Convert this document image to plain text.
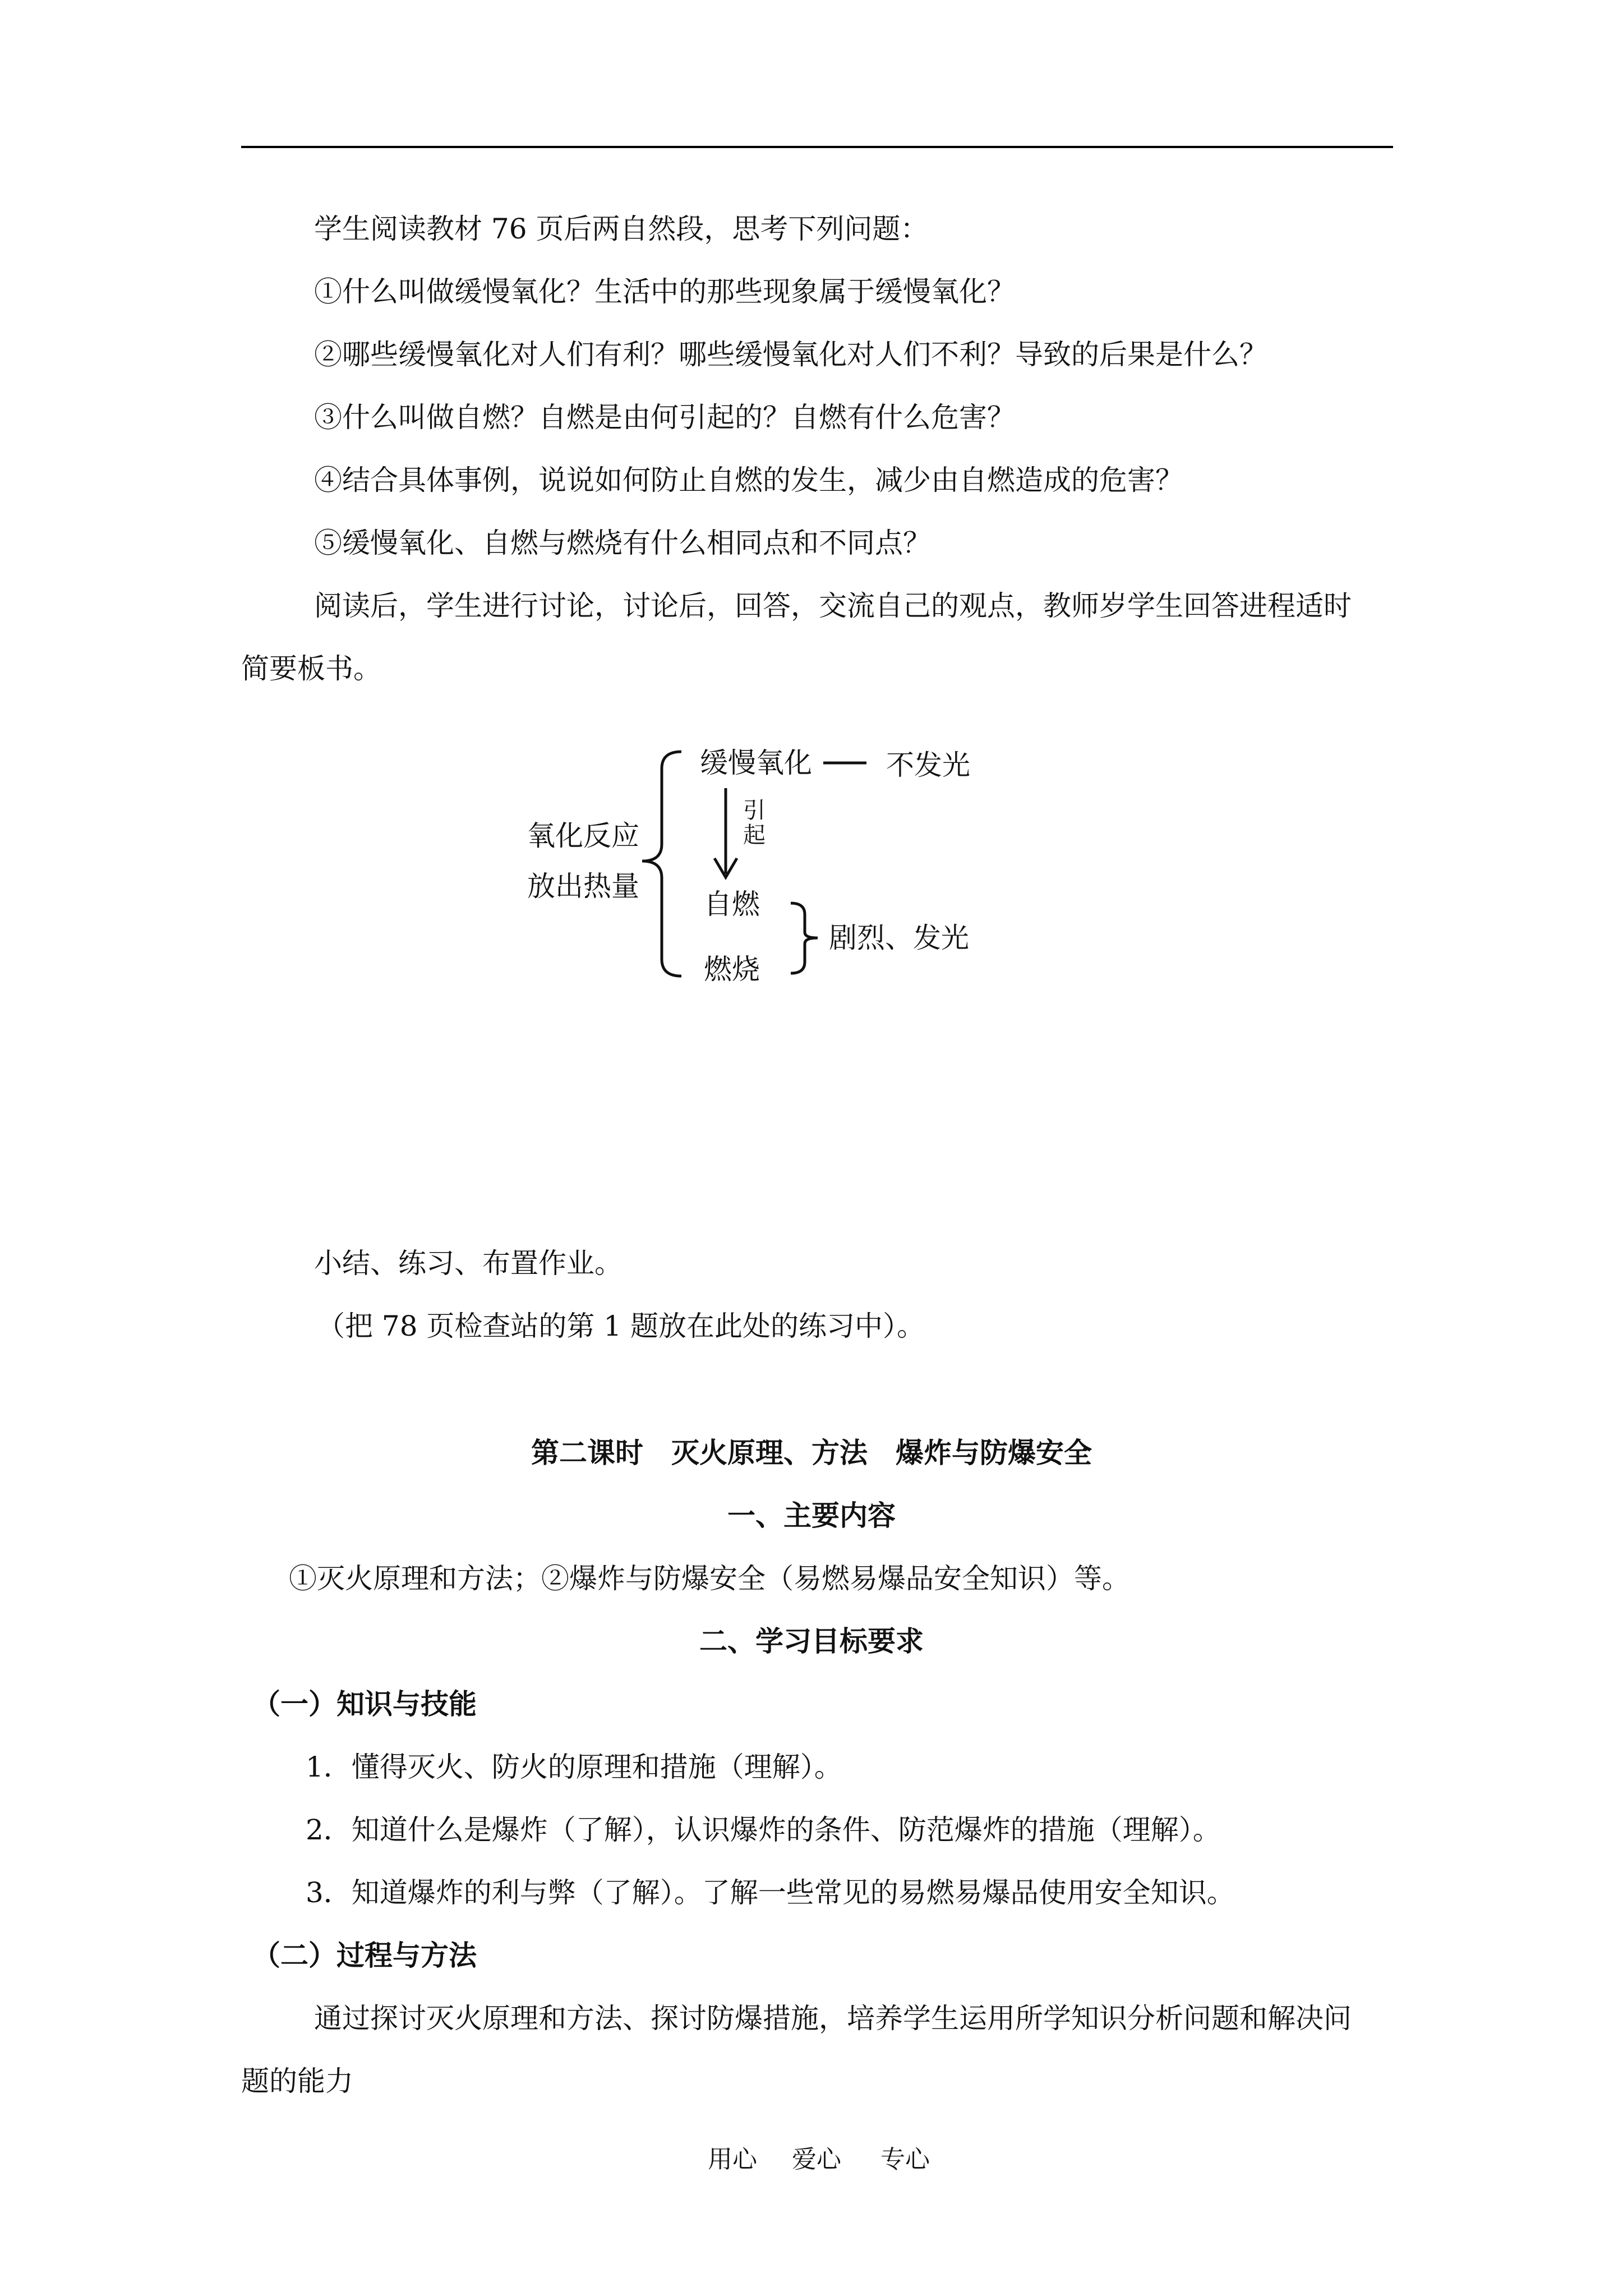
学生阅读教材 76 页后两自然段，思考下列问题：
①什么叫做缓慢氧化？生活中的那些现象属于缓慢氧化？
②哪些缓慢氧化对人们有利？哪些缓慢氧化对人们不利？导致的后果是什么？
③什么叫做自燃？自燃是由何引起的？自燃有什么危害？
④结合具体事例，说说如何防止自燃的发生，减少由自燃造成的危害？
⑤缓慢氧化、自燃与燃烧有什么相同点和不同点？
阅读后，学生进行讨论，讨论后，回答，交流自己的观点，教师岁学生回答进程适时
简要板书。
氧化反应
放出热量
缓慢氧化	不发光
引
起
自燃
燃烧
剧烈、发光
小结、练习、布置作业。
（把 78 页检查站的第 1 题放在此处的练习中）。
第二课时　灭火原理、方法　爆炸与防爆安全
一、主要内容
①灭火原理和方法；②爆炸与防爆安全（易燃易爆品安全知识）等。
二、学习目标要求
（一）知识与技能
1．懂得灭火、防火的原理和措施（理解）。
2．知道什么是爆炸（了解），认识爆炸的条件、防范爆炸的措施（理解）。
3．知道爆炸的利与弊（了解）。了解一些常见的易燃易爆品使用安全知识。
（二）过程与方法
通过探讨灭火原理和方法、探讨防爆措施，培养学生运用所学知识分析问题和解决问
题的能力
用心 爱心 专心
